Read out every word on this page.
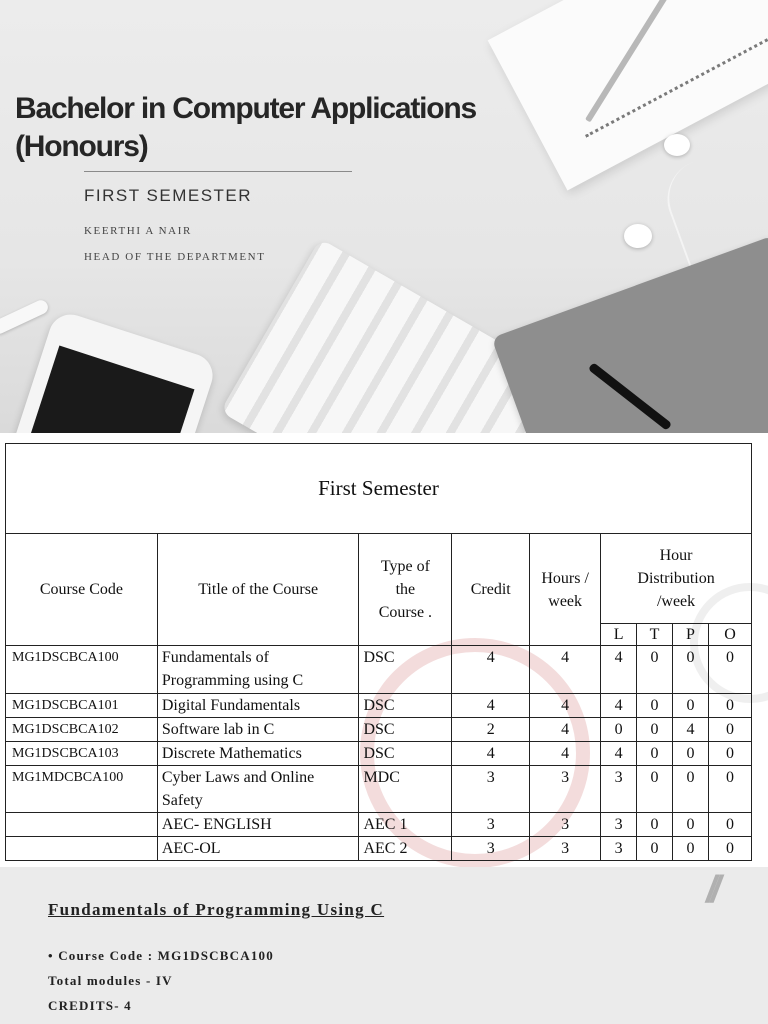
Bachelor in Computer Applications
(Honours)
FIRST SEMESTER
KEERTHI A NAIR
HEAD OF THE DEPARTMENT
First Semester								
Course Code	Title of the Course	Type of the Course .	Credit	Hours / week	Hour Distribution /week			
					L	T	P	O
MG1DSCBCA100	Fundamentals of Programming using C	DSC	4	4	4	0	0	0
MG1DSCBCA101	Digital Fundamentals	DSC	4	4	4	0	0	0
MG1DSCBCA102	Software lab in C	DSC	2	4	0	0	4	0
MG1DSCBCA103	Discrete Mathematics	DSC	4	4	4	0	0	0
MG1MDCBCA100	Cyber Laws and Online Safety	MDC	3	3	3	0	0	0
	AEC- ENGLISH	AEC 1	3	3	3	0	0	0
	AEC-OL	AEC 2	3	3	3	0	0	0
//
Fundamentals of Programming Using C
• Course Code : MG1DSCBCA100
Total modules - IV
CREDITS- 4
